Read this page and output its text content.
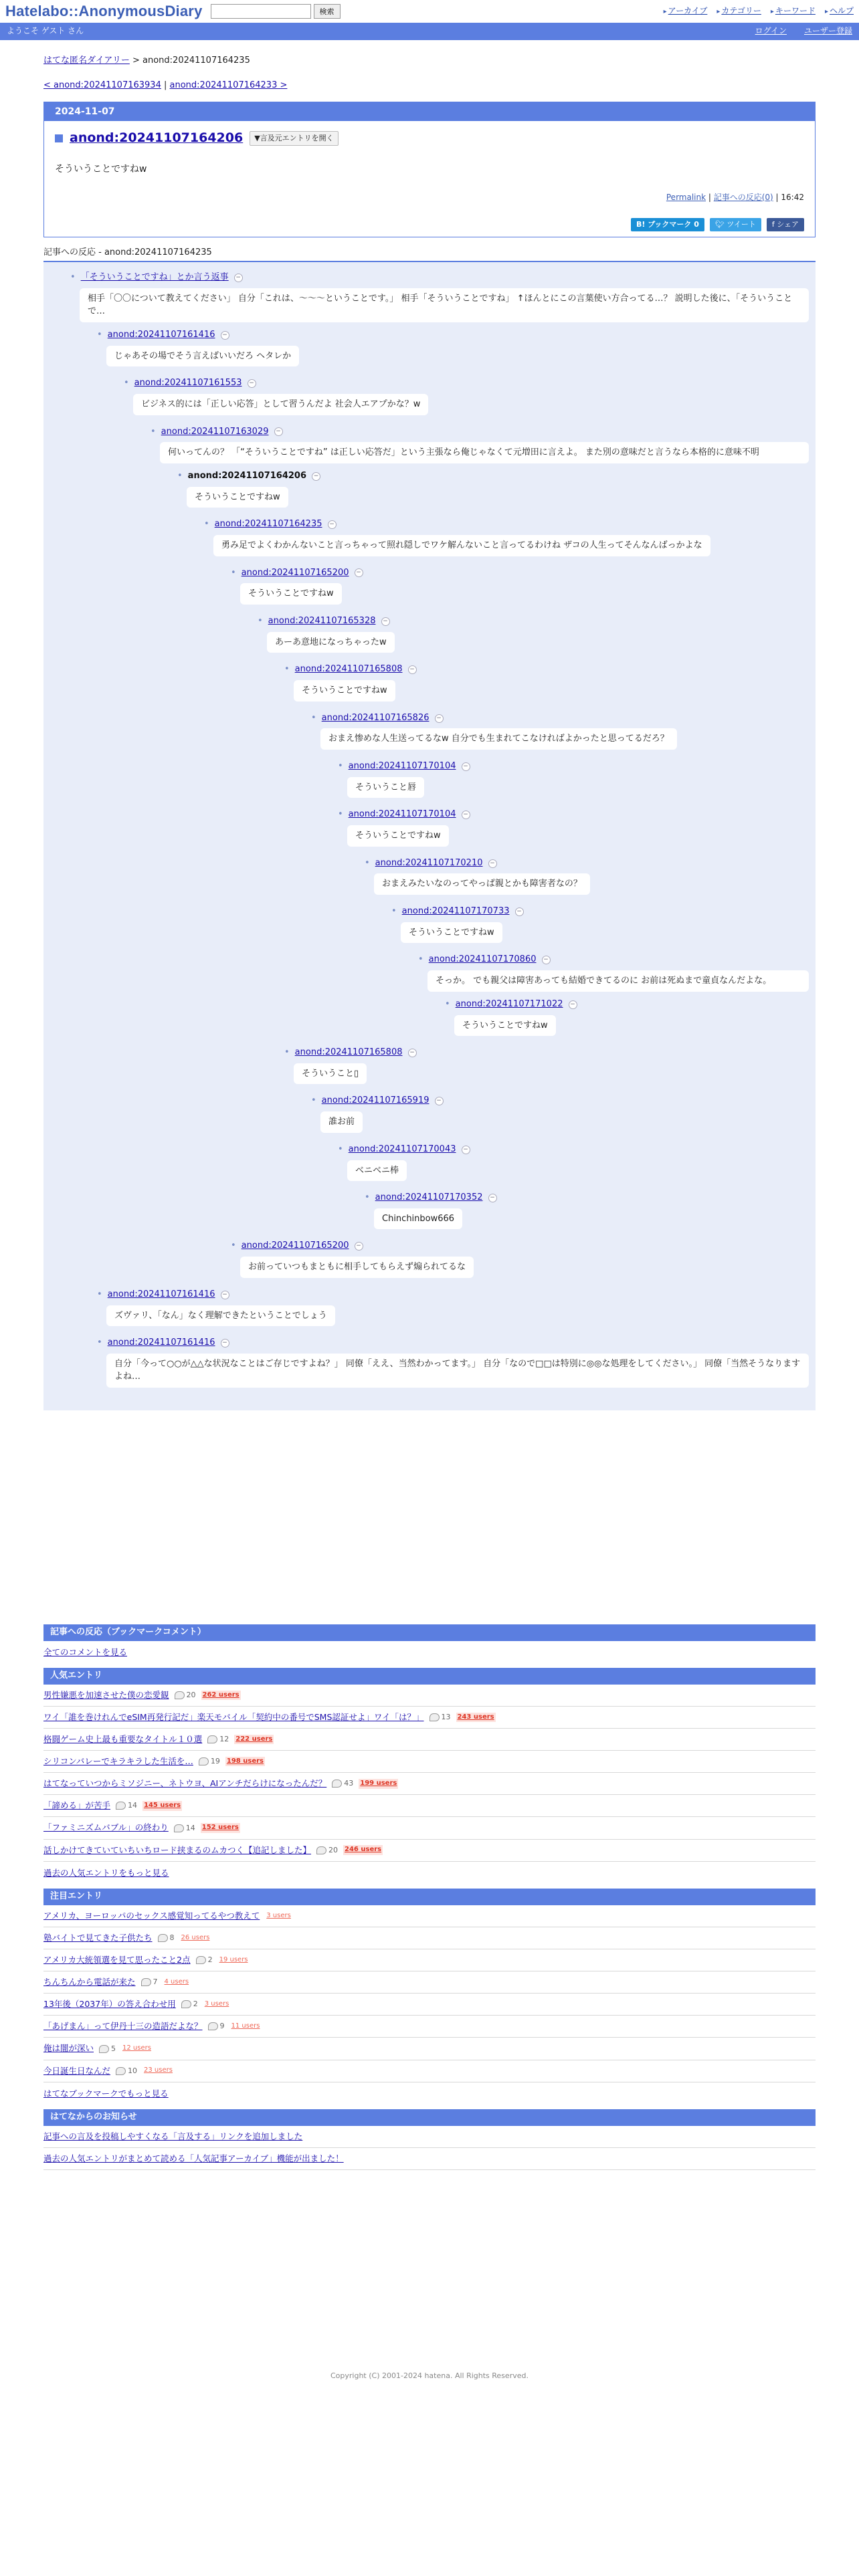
Hatelabo::AnonymousDiary	検索	▸ アーカイブ	▸ カテゴリー	▸ キーワード	▸ ヘルプ
ようこそ ゲスト さん	ログイン ユーザー登録
はてな匿名ダイアリー > anond:20241107164235
< anond:20241107163934 | anond:20241107164233 >
2024-11-07
anond:20241107164206	▼言及元エントリを開く
そういうことですねw
Permalink | 記事への反応(0) | 16:42
B! ブックマーク 0	🐦︎ ツイート	f シェア
記事への反応 - anond:20241107164235
• 「そういうことですね」とか言う返事	−
相手「〇〇について教えてください」 自分「これは、〜〜〜ということです。」 相手「そういうことですね」 ↑ほんとにこの言葉使い方合ってる…？ 説明した後に、「そういうことで…
• anond:20241107161416	−
じゃあその場でそう言えばいいだろ ヘタレか
• anond:20241107161553	−
ビジネス的には「正しい応答」として習うんだよ 社会人エアプかな？w
• anond:20241107163029	−
何いってんの？ 「“そういうことですね” は正しい応答だ」という主張なら俺じゃなくて元増田に言えよ。 また別の意味だと言うなら本格的に意味不明
• anond:20241107164206	−
そういうことですねw
• anond:20241107164235	−
勇み足でよくわかんないこと言っちゃって照れ隠しでワケ解んないこと言ってるわけね ザコの人生ってそんなんばっかよな
• anond:20241107165200	−
そういうことですねw
• anond:20241107165328	−
あーあ意地になっちゃったw
• anond:20241107165808	−
そういうことですねw
• anond:20241107165826	−
おまえ惨めな人生送ってるなw 自分でも生まれてこなければよかったと思ってるだろ？
• anond:20241107170104	−
そういうこと唇
• anond:20241107170104	−
そういうことですねw
• anond:20241107170210	−
おまえみたいなのってやっぱ親とかも障害者なの？
• anond:20241107170733	−
そういうことですねw
• anond:20241107170860	−
そっか。 でも親父は障害あっても結婚できてるのに お前は死ぬまで童貞なんだよな。
• anond:20241107171022	−
そういうことですねw
• anond:20241107165808	−
そういうこと▯
• anond:20241107165919	−
誰お前
• anond:20241107170043	−
ベニベニ棒
• anond:20241107170352	−
Chinchinbow666
• anond:20241107165200	−
お前っていつもまともに相手してもらえず煽られてるな
• anond:20241107161416	−
ズヴァリ、「なん」なく理解できたということでしょう
• anond:20241107161416	−
自分「今って○○が△△な状況なことはご存じですよね？」 同僚「ええ、当然わかってます。」 自分「なので□□は特別に◎◎な処理をしてください。」 同僚「当然そうなりますよね…
記事への反応（ブックマークコメント）
全てのコメントを見る
人気エントリ
男性嫌悪を加速させた僕の恋愛観	20 262 users
ワイ「誰を巻けれんでeSIM再発行記だ」楽天モバイル「契約中の番号でSMS認証せよ」ワイ「は？」	13 243 users
格闘ゲーム史上最も重要なタイトル１０選	12 222 users
シリコンバレーでキラキラした生活を…	19 198 users
はてなっていつからミソジニー、ネトウヨ、AIアンチだらけになったんだ？	43 199 users
「諦める」が苦手	14 145 users
「ファミニズムバブル」の終わり	14 152 users
話しかけてきていていちいちロード挟まるのムカつく【追記しました】	20 246 users
過去の人気エントリをもっと見る
注目エントリ
アメリカ、ヨーロッパのセックス感覚知ってるやつ教えて 3 users
塾バイトで見てきた子供たち	8 26 users
アメリカ大統領選を見て思ったこと2点	2 19 users
ちんちんから電話が来た	7 4 users
13年後（2037年）の答え合わせ用	2 3 users
「あげまん」って伊丹十三の造語だよな？	9 11 users
俺は闇が深い	5 12 users
今日誕生日なんだ	10 23 users
はてなブックマークでもっと見る
はてなからのお知らせ
記事への言及を投稿しやすくなる「言及する」リンクを追加しました
過去の人気エントリがまとめて読める「人気記事アーカイブ」機能が出ました！
Copyright (C) 2001-2024 hatena. All Rights Reserved.
